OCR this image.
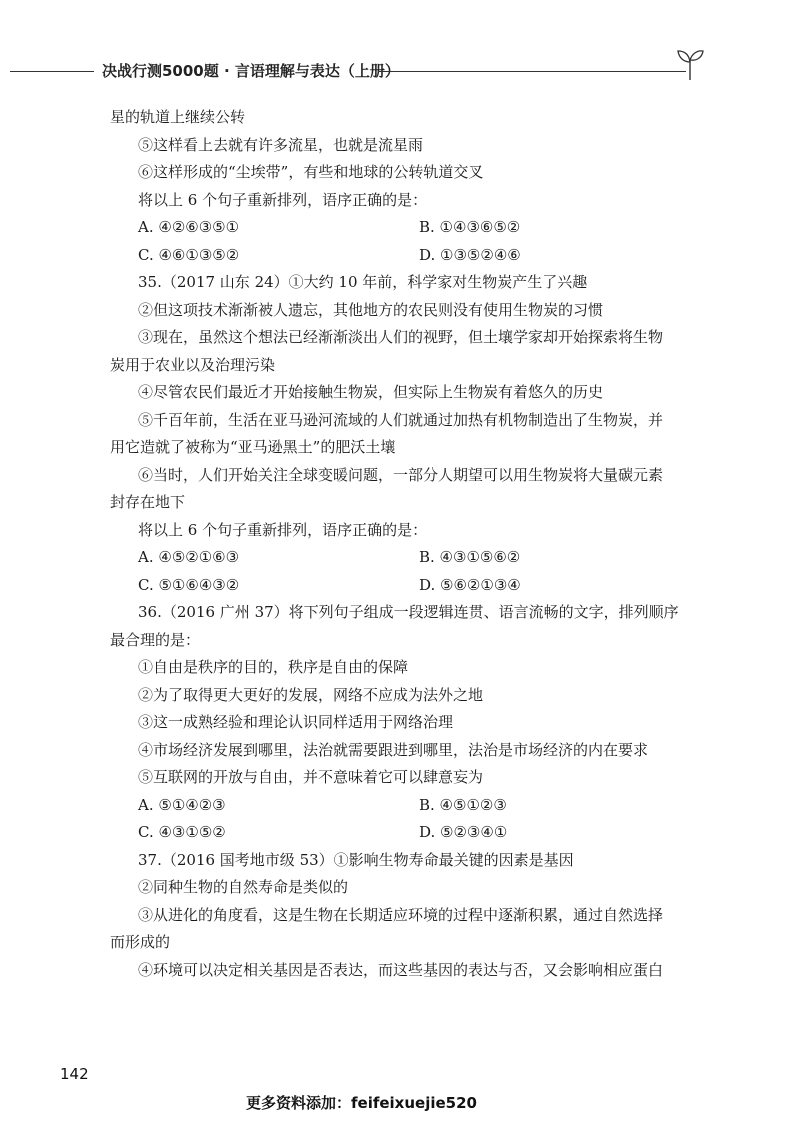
决战行测5000题 · 言语理解与表达（上册）
星的轨道上继续公转
⑤这样看上去就有许多流星，也就是流星雨
⑥这样形成的“尘埃带”，有些和地球的公转轨道交叉
将以上 6 个句子重新排列，语序正确的是：
A. ④②⑥③⑤①	B. ①④③⑥⑤②
C. ④⑥①③⑤②	D. ①③⑤②④⑥
35.（2017 山东 24）①大约 10 年前，科学家对生物炭产生了兴趣
②但这项技术渐渐被人遗忘，其他地方的农民则没有使用生物炭的习惯
③现在，虽然这个想法已经渐渐淡出人们的视野，但土壤学家却开始探索将生物
炭用于农业以及治理污染
④尽管农民们最近才开始接触生物炭，但实际上生物炭有着悠久的历史
⑤千百年前，生活在亚马逊河流域的人们就通过加热有机物制造出了生物炭，并
用它造就了被称为“亚马逊黑土”的肥沃土壤
⑥当时，人们开始关注全球变暖问题，一部分人期望可以用生物炭将大量碳元素
封存在地下
将以上 6 个句子重新排列，语序正确的是：
A. ④⑤②①⑥③	B. ④③①⑤⑥②
C. ⑤①⑥④③②	D. ⑤⑥②①③④
36.（2016 广州 37）将下列句子组成一段逻辑连贯、语言流畅的文字，排列顺序
最合理的是：
①自由是秩序的目的，秩序是自由的保障
②为了取得更大更好的发展，网络不应成为法外之地
③这一成熟经验和理论认识同样适用于网络治理
④市场经济发展到哪里，法治就需要跟进到哪里，法治是市场经济的内在要求
⑤互联网的开放与自由，并不意味着它可以肆意妄为
A. ⑤①④②③	B. ④⑤①②③
C. ④③①⑤②	D. ⑤②③④①
37.（2016 国考地市级 53）①影响生物寿命最关键的因素是基因
②同种生物的自然寿命是类似的
③从进化的角度看，这是生物在长期适应环境的过程中逐渐积累，通过自然选择
而形成的
④环境可以决定相关基因是否表达，而这些基因的表达与否，又会影响相应蛋白
142
更多资料添加：feifeixuejie520
